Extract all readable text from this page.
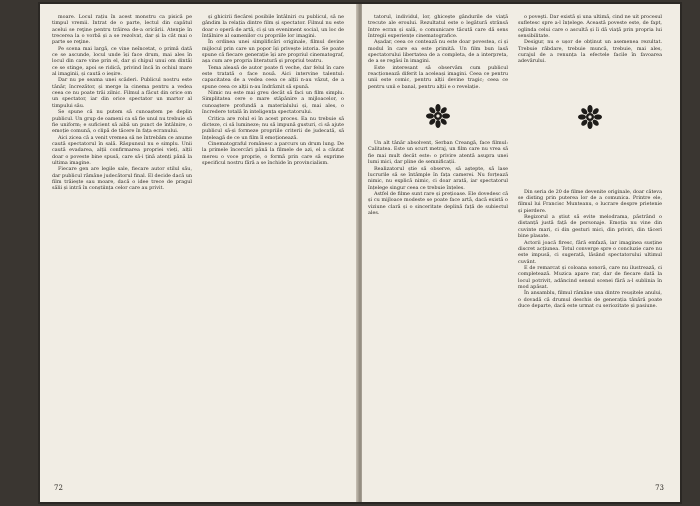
moare. Locul rațiu în acest monstru ca pisică pe timpul vremii. Intrat de o parte, lectul din capătul acelui se reţine pentru trăirea de-a oricării. Atenţie în trecerea la o vorbă și a se rezolvat, dar și la cât mai o parte se reţine.

Pe scena mai largă, ce vine neîncetat, o primă dată ce se ascunde, locul unde își face drum, mai ales în locul din care vine prin el, dar și chipul unui om dintâi ce se stinge, apoi se ridică, privind încă în ochiul mare al imaginii, și caută o ieșire.

Dar nu pe seama unei scăderi. Publicul nostru este tânăr, încrezător, și merge la cinema pentru a vedea ceea ce nu poate trăi zilnic. Filmul a făcut din orice om un spectator, iar din orice spectator un martor al timpului său.

Se spune că nu putem să cunoaștem pe deplin publicul. Un grup de oameni ca să fie unul nu trebuie să fie uniform; e suficient să aibă un punct de întâlnire, o emoție comună, o clipă de tăcere în fața ecranului.

Aici zicea că a venit vremea să ne întrebăm ce anume caută spectatorul în sală. Răspunsul nu e simplu. Unii caută evadarea, alții confirmarea propriei vieți, alții doar o poveste bine spusă, care să-i țină atenți până la ultima imagine.

Fiecare gen are legile sale, fiecare autor stilul său, dar publicul rămâne judecătorul final. El decide dacă un film trăiește sau moare, dacă o idee trece de pragul sălii și intră în conștiința celor care au privit.

și ghicirii fiecărei posibile întâlniri cu publicul, să ne gândim la relația dintre film și spectator. Filmul nu este doar o operă de artă, ci și un eveniment social, un loc de întâlnire al oamenilor cu propriile lor imagini.

În ordinea unei simplificări originale, filmul devine mijlocul prin care un popor își privește istoria. Se poate spune că fiecare generație își are propriul cinematograf, așa cum are propria literatură și propriul teatru.

Tema aleasă de autor poate fi veche, dar felul în care este tratată o face nouă. Aici intervine talentul: capacitatea de a vedea ceea ce alții n-au văzut, de a spune ceea ce alții n-au îndrăznit să spună.

Nimic nu este mai greu decât să faci un film simplu. Simplitatea cere o mare stăpânire a mijloacelor, o cunoaștere profundă a materialului și, mai ales, o încredere totală în inteligența spectatorului.

Critica are rolul ei în acest proces. Ea nu trebuie să dicteze, ci să lumineze; nu să impună gusturi, ci să ajute publicul să-și formeze propriile criterii de judecată, să înțeleagă de ce un film îl emoționează.

Cinematograful românesc a parcurs un drum lung. De la primele încercări până la filmele de azi, el a căutat mereu o voce proprie, o formă prin care să exprime specificul nostru fără a se închide în provincialism.

72

tatorul, individul, lor, ghicește gândurile de viață trecute ale eroului. Rezultatul este o legătură strânsă între ecran și sală, o comunicare tăcută care dă sens întregii experiențe cinematografice.

Așadar, ceea ce contează nu este doar povestea, ci și modul în care ea este primită. Un film bun lasă spectatorului libertatea de a completa, de a interpreta, de a se regăsi în imagini.

Este interesant să observăm cum publicul reacționează diferit la aceleași imagini. Ceea ce pentru unii este comic, pentru alții devine tragic; ceea ce pentru unii e banal, pentru alții e o revelație.

Un alt tânăr absolvent, Serban Creangă, face filmul: Calitatea. Este un scurt metraj, un film care nu vrea să fie mai mult decât este: o privire atentă asupra unei lumi mici, dar pline de semnificații.

Realizatorul știe să observe, să aștepte, să lase lucrurile să se întâmple în fața camerei. Nu forțează nimic, nu explică nimic, ci doar arată, iar spectatorul înțelege singur ceea ce trebuie înțeles.

Astfel de filme sunt rare și prețioase. Ele dovedesc că și cu mijloace modeste se poate face artă, dacă există o viziune clară și o sinceritate deplină față de subiectul ales.

o poveşti. Dar există și una ultimă, cind ne uit procesul sufletesc spre a-l înțelege. Această poveste este, de fapt, oglinda celui care o ascultă și îi dă viață prin propria lui sensibilitate.

Desigur, nu e ușor de obținut un asemenea rezultat. Trebuie răbdare, trebuie muncă, trebuie, mai ales, curajul de a renunța la efectele facile în favoarea adevărului.

Din seria de 20 de filme devenite originale, doar câteva se disting prin puterea lor de a comunica. Printre ele, filmul lui Francisc Munteanu, o lucrare despre prietenie și pierdere.

Regizorul a știut să evite melodrama, păstrând o distanță justă față de personaje. Emoția nu vine din cuvinte mari, ci din gesturi mici, din priviri, din tăceri bine plasate.

Actorii joacă firesc, fără emfază, iar imaginea susține discret acțiunea. Totul converge spre o concluzie care nu este impusă, ci sugerată, lăsând spectatorului ultimul cuvânt.

E de remarcat și coloana sonoră, care nu ilustrează, ci completează. Muzica apare rar, dar de fiecare dată la locul potrivit, adâncind sensul scenei fără a-l sublinia în mod apăsat.

În ansamblu, filmul rămâne una dintre reușitele anului, o dovadă că drumul deschis de generația tânără poate duce departe, dacă este urmat cu seriozitate și pasiune.

73
